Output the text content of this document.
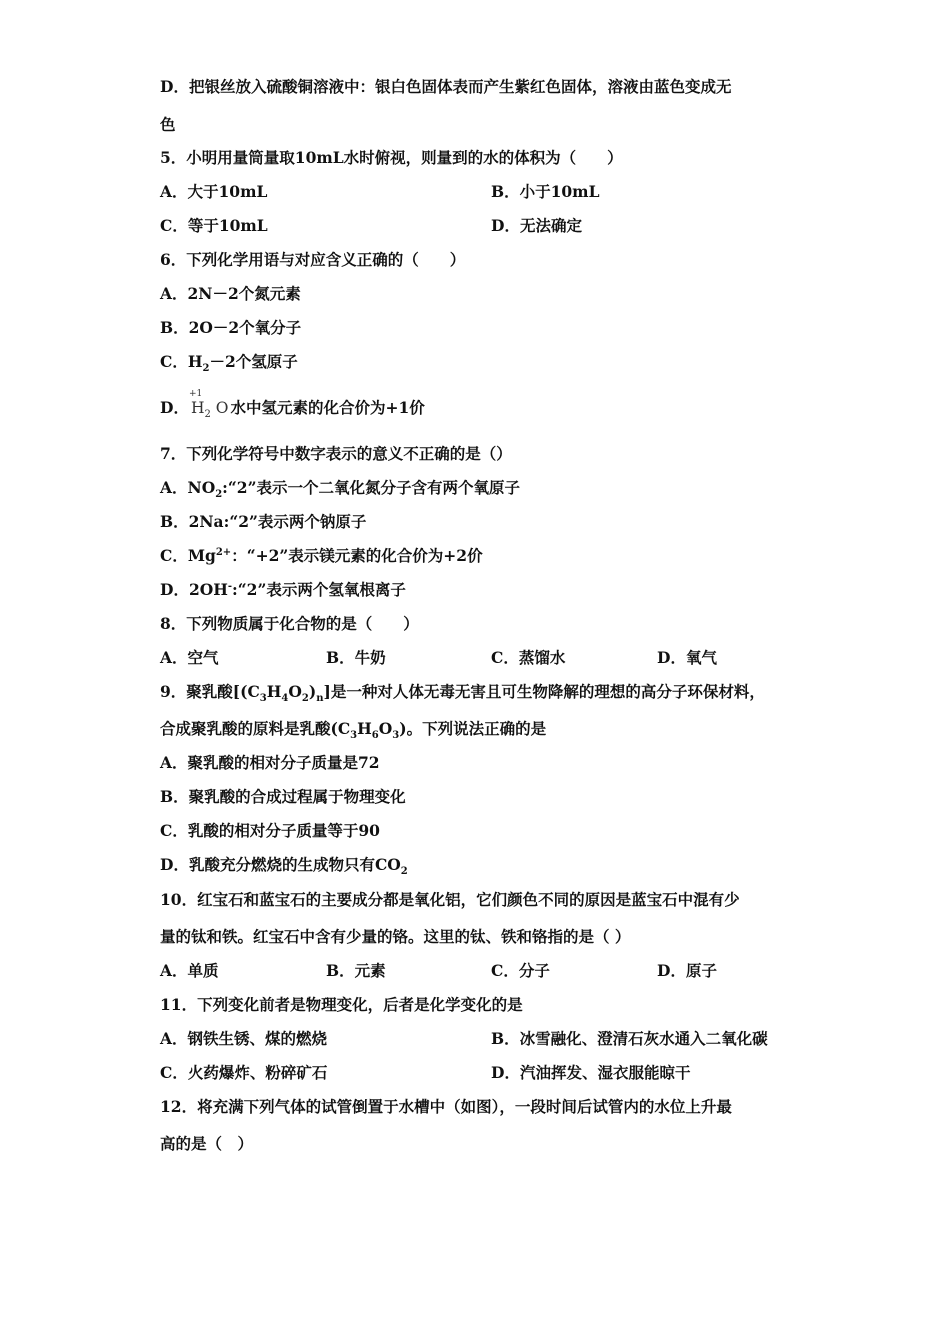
D．把银丝放入硫酸铜溶液中：银白色固体表而产生紫红色固体，溶液由蓝色变成无
色
5．小明用量筒量取10mL水时俯视，则量到的水的体积为（　　）
A．大于10mL	B．小于10mL
C．等于10mL	D．无法确定
6．下列化学用语与对应含义正确的（　　）
A．2N－2个氮元素
B．2O－2个氧分子
C．$H_2-2$个氢原子
D．
+1
$H_2$ O 水中氢元素的化合价为+1价
7．下列化学符号中数字表示的意义不正确的是（）
A．$NO_2:“2$”表示一个二氧化氮分子含有两个氧原子
B．2Na:“2”表示两个钠原子
C．$Mg^{2+}$：“+2”表示镁元素的化合价为+2价
D．2OH-:“2”表示两个氢氧根离子
8．下列物质属于化合物的是（　　）
A．空气	B．牛奶	C．蒸馏水	D．氧气
9．聚乳酸$[(C_3H_4O_2)_n]$是一种对人体无毒无害且可生物降解的理想的高分子环保材料，
合成聚乳酸的原料是乳酸$(C_3H_6O_3)$。下列说法正确的是
A．聚乳酸的相对分子质量是72
B．聚乳酸的合成过程属于物理变化
C．乳酸的相对分子质量等于90
D．乳酸充分燃烧的生成物只有$CO_2$
10．红宝石和蓝宝石的主要成分都是氧化铝，它们颜色不同的原因是蓝宝石中混有少
量的钛和铁。红宝石中含有少量的铬。这里的钛、铁和铬指的是（ ）
A．单质	B．元素	C．分子	D．原子
11．下列变化前者是物理变化，后者是化学变化的是
A．钢铁生锈、煤的燃烧	B．冰雪融化、澄清石灰水通入二氧化碳
C．火药爆炸、粉碎矿石	D．汽油挥发、湿衣服能晾干
12．将充满下列气体的试管倒置于水槽中（如图），一段时间后试管内的水位上升最
高的是（　）
